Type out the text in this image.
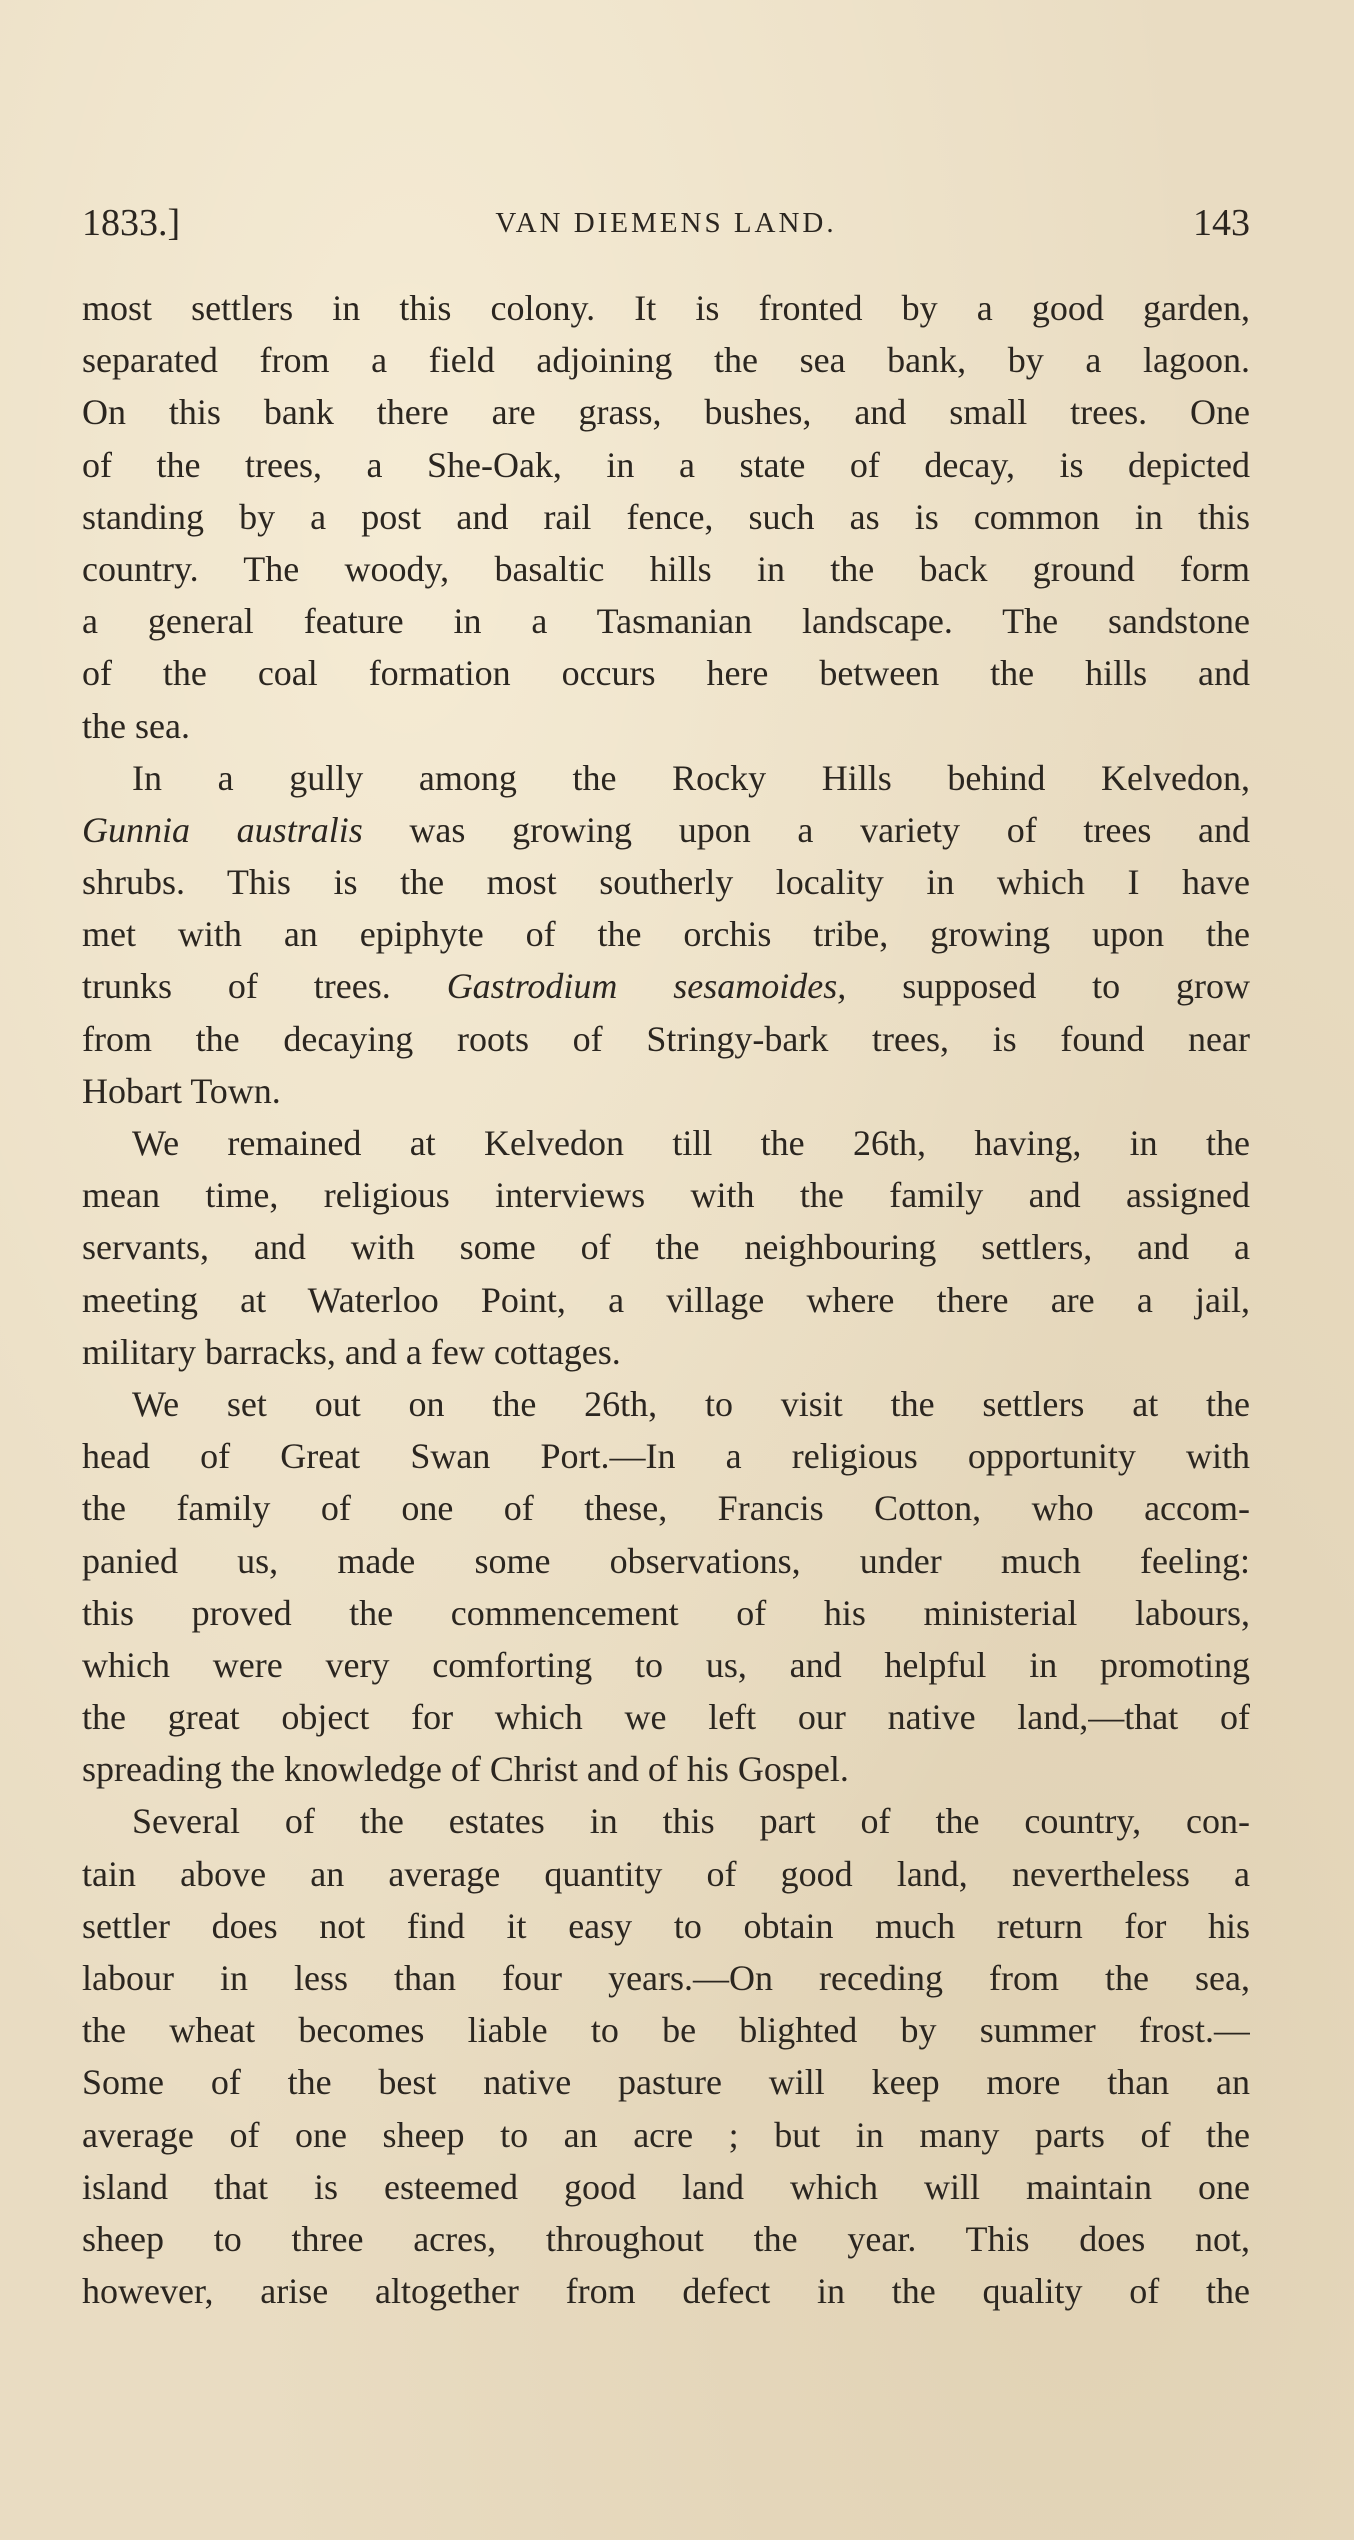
1833.]	VAN DIEMENS LAND.	143
most settlers in this colony. It is fronted by a good garden,
separated from a field adjoining the sea bank, by a lagoon.
On this bank there are grass, bushes, and small trees. One
of the trees, a She-Oak, in a state of decay, is depicted
standing by a post and rail fence, such as is common in this
country. The woody, basaltic hills in the back ground form
a general feature in a Tasmanian landscape. The sandstone
of the coal formation occurs here between the hills and
the sea.
In a gully among the Rocky Hills behind Kelvedon,
Gunnia australis was growing upon a variety of trees and
shrubs. This is the most southerly locality in which I have
met with an epiphyte of the orchis tribe, growing upon the
trunks of trees. Gastrodium sesamoides, supposed to grow
from the decaying roots of Stringy-bark trees, is found near
Hobart Town.
We remained at Kelvedon till the 26th, having, in the
mean time, religious interviews with the family and assigned
servants, and with some of the neighbouring settlers, and a
meeting at Waterloo Point, a village where there are a jail,
military barracks, and a few cottages.
We set out on the 26th, to visit the settlers at the
head of Great Swan Port.—In a religious opportunity with
the family of one of these, Francis Cotton, who accom-
panied us, made some observations, under much feeling:
this proved the commencement of his ministerial labours,
which were very comforting to us, and helpful in promoting
the great object for which we left our native land,—that of
spreading the knowledge of Christ and of his Gospel.
Several of the estates in this part of the country, con-
tain above an average quantity of good land, nevertheless a
settler does not find it easy to obtain much return for his
labour in less than four years.—On receding from the sea,
the wheat becomes liable to be blighted by summer frost.—
Some of the best native pasture will keep more than an
average of one sheep to an acre ; but in many parts of the
island that is esteemed good land which will maintain one
sheep to three acres, throughout the year. This does not,
however, arise altogether from defect in the quality of the
